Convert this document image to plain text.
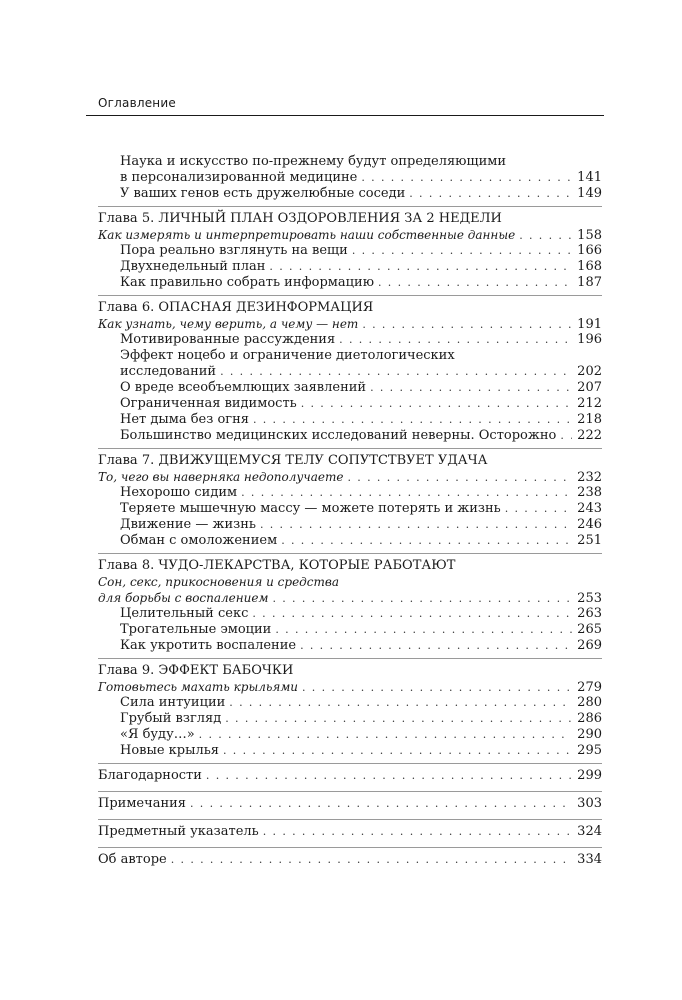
Оглавление
Наука и искусство по-прежнему будут определяющими
в персонализированной медицине .....	141
У ваших генов есть дружелюбные соседи .....	149
Глава 5. ЛИЧНЫЙ ПЛАН ОЗДОРОВЛЕНИЯ ЗА 2 НЕДЕЛИ
Как измерять и интерпретировать наши собственные данные .....	158
Пора реально взглянуть на вещи .....	166
Двухнедельный план .....	168
Как правильно собрать информацию .....	187
Глава 6. ОПАСНАЯ ДЕЗИНФОРМАЦИЯ
Как узнать, чему верить, а чему — нет .....	191
Мотивированные рассуждения .....	196
Эффект ноцебо и ограничение диетологических
исследований .....	202
О вреде всеобъемлющих заявлений .....	207
Ограниченная видимость .....	212
Нет дыма без огня .....	218
Большинство медицинских исследований неверны. Осторожно ..... 222
Глава 7. ДВИЖУЩЕМУСЯ ТЕЛУ СОПУТСТВУЕТ УДАЧА
То, чего вы наверняка недополучаете .....	232
Нехорошо сидим .....	238
Теряете мышечную массу — можете потерять и жизнь .....	243
Движение — жизнь .....	246
Обман с омоложением .....	251
Глава 8. ЧУДО-ЛЕКАРСТВА, КОТОРЫЕ РАБОТАЮТ
Сон, секс, прикосновения и средства
для борьбы с воспалением .....	253
Целительный секс .....	263
Трогательные эмоции .....	265
Как укротить воспаление .....	269
Глава 9. ЭФФЕКТ БАБОЧКИ
Готовьтесь махать крыльями .....	279
Сила интуиции .....	280
Грубый взгляд .....	286
«Я буду…» .....	290
Новые крылья .....	295
Благодарности .....	299
Примечания .....	303
Предметный указатель .....	324
Об авторе .....	334
